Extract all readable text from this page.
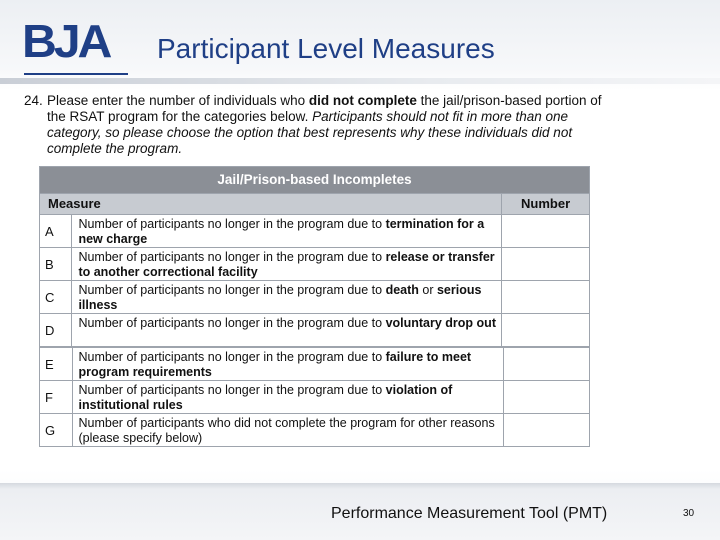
BJA Participant Level Measures
24. Please enter the number of individuals who did not complete the jail/prison-based portion of the RSAT program for the categories below. Participants should not fit in more than one category, so please choose the option that best represents why these individuals did not complete the program.
Jail/Prison-based Incompletes		
Measure		Number
A	Number of participants no longer in the program due to termination for a new charge	
B	Number of participants no longer in the program due to release or transfer to another correctional facility	
C	Number of participants no longer in the program due to death or serious illness	
D	Number of participants no longer in the program due to voluntary drop out	
E	Number of participants no longer in the program due to failure to meet program requirements	
F	Number of participants no longer in the program due to violation of institutional rules	
G	Number of participants who did not complete the program for other reasons (please specify below)	
Performance Measurement Tool (PMT)	30
